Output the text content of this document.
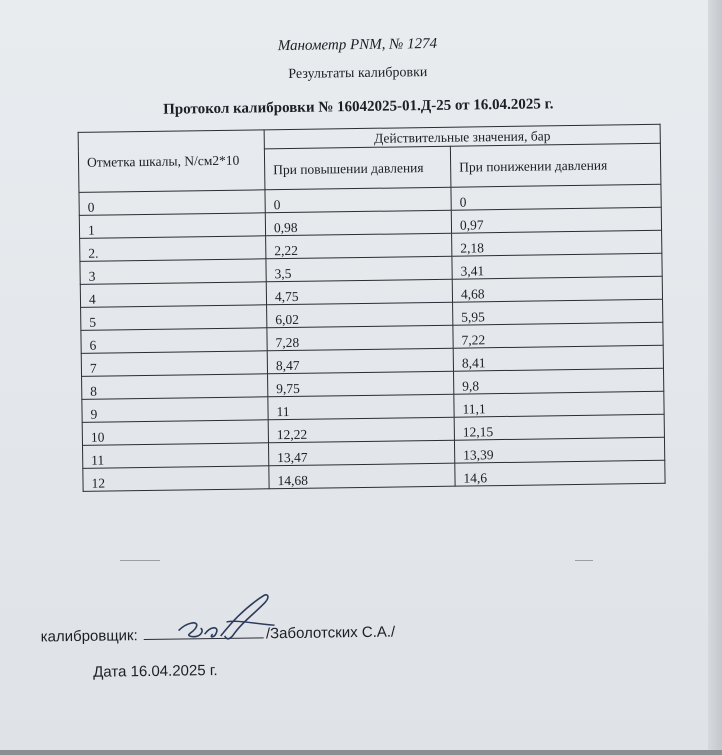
Манометр PNM, № 1274
Результаты калибровки
Протокол калибровки № 16042025-01.Д-25 от 16.04.2025 г.
Отметка шкалы, N/см2*10	Действительные значения, бар	
	При повышении давления	При понижении давления
0	0	0
1	0,98	0,97
2.	2,22	2,18
3	3,5	3,41
4	4,75	4,68
5	6,02	5,95
6	7,28	7,22
7	8,47	8,41
8	9,75	9,8
9	11	11,1
10	12,22	12,15
11	13,47	13,39
12	14,68	14,6
калибровщик:	/Заболотских С.А./
Дата 16.04.2025 г.
